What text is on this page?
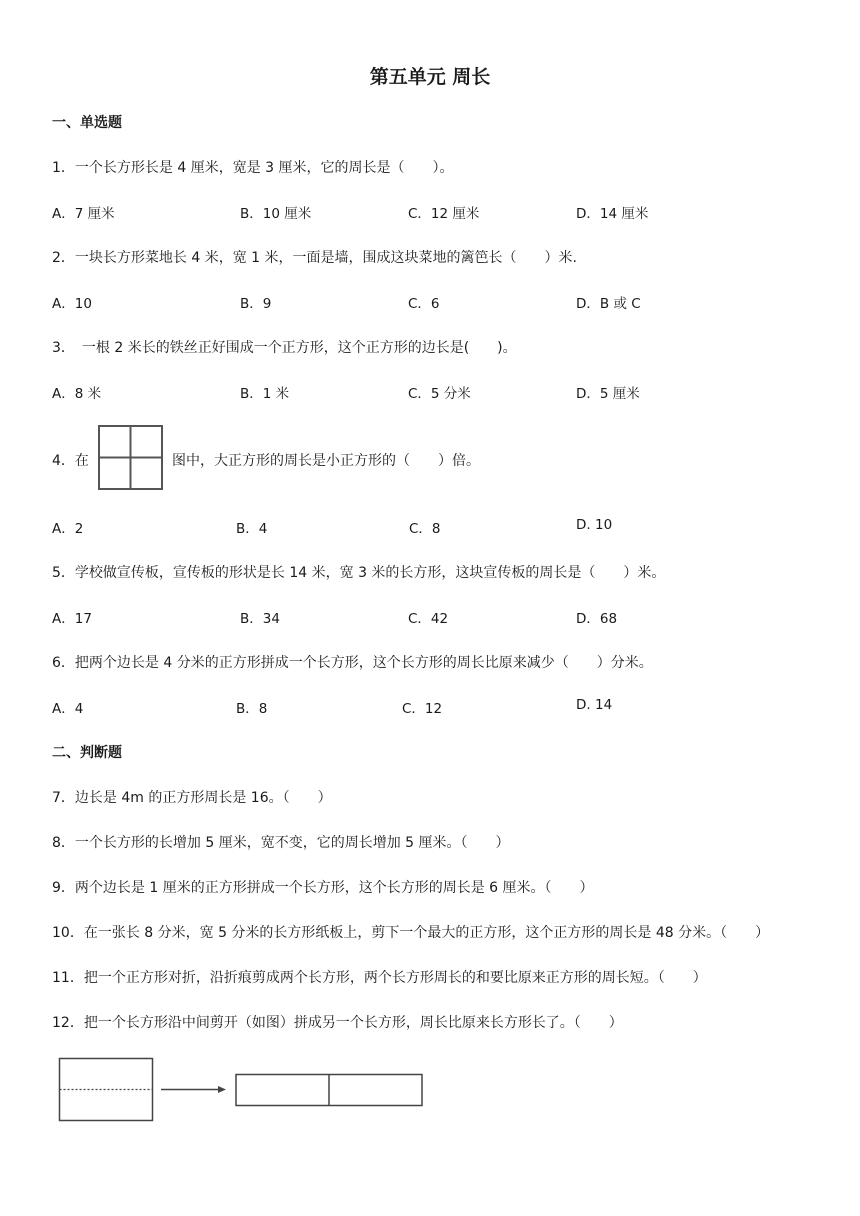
第五单元 周长
一、单选题
1．一个长方形长是 4 厘米，宽是 3 厘米，它的周长是（　　）。
A．7 厘米	B．10 厘米	C．12 厘米	D．14 厘米
2．一块长方形菜地长 4 米，宽 1 米，一面是墙，围成这块菜地的篱笆长（　　）米.
A．10	B．9	C．6	D．B 或 C
3．　一根 2 米长的铁丝正好围成一个正方形，这个正方形的边长是(　　)。
A．8 米	B．1 米	C．5 分米	D．5 厘米
4．在	图中，大正方形的周长是小正方形的（　　）倍。
A．2	B．4	C．8	D. 10
5．学校做宣传板，宣传板的形状是长 14 米，宽 3 米的长方形，这块宣传板的周长是（　　）米。
A．17	B．34	C．42	D．68
6．把两个边长是 4 分米的正方形拼成一个长方形，这个长方形的周长比原来减少（　　）分米。
A．4	B．8	C．12	D. 14
二、判断题
7．边长是 4m 的正方形周长是 16。（　　）
8．一个长方形的长增加 5 厘米，宽不变，它的周长增加 5 厘米。（　　）
9．两个边长是 1 厘米的正方形拼成一个长方形，这个长方形的周长是 6 厘米。（　　）
10．在一张长 8 分米，宽 5 分米的长方形纸板上，剪下一个最大的正方形，这个正方形的周长是 48 分米。（　　）
11．把一个正方形对折，沿折痕剪成两个长方形，两个长方形周长的和要比原来正方形的周长短。（　　）
12．把一个长方形沿中间剪开（如图）拼成另一个长方形，周长比原来长方形长了。（　　）
